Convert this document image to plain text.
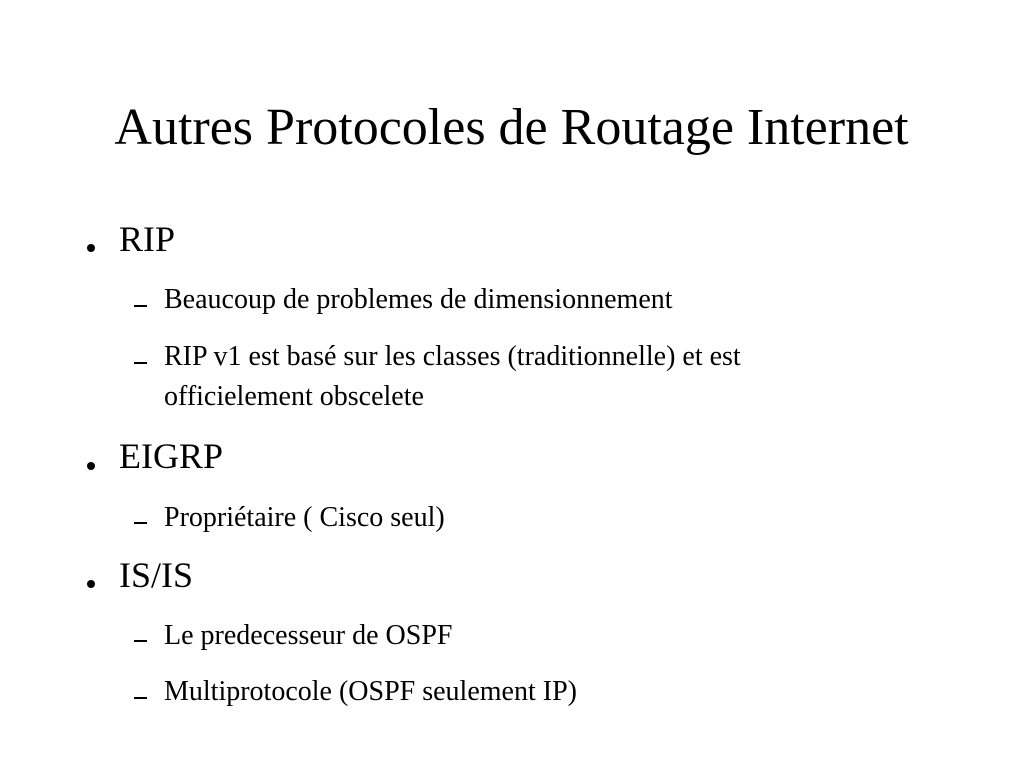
Autres Protocoles de Routage Internet
RIP
Beaucoup de problemes de dimensionnement
RIP v1 est basé sur les classes (traditionnelle) et est
officielement obscelete
EIGRP
Propriétaire ( Cisco seul)
IS/IS
Le predecesseur de OSPF
Multiprotocole (OSPF seulement IP)
